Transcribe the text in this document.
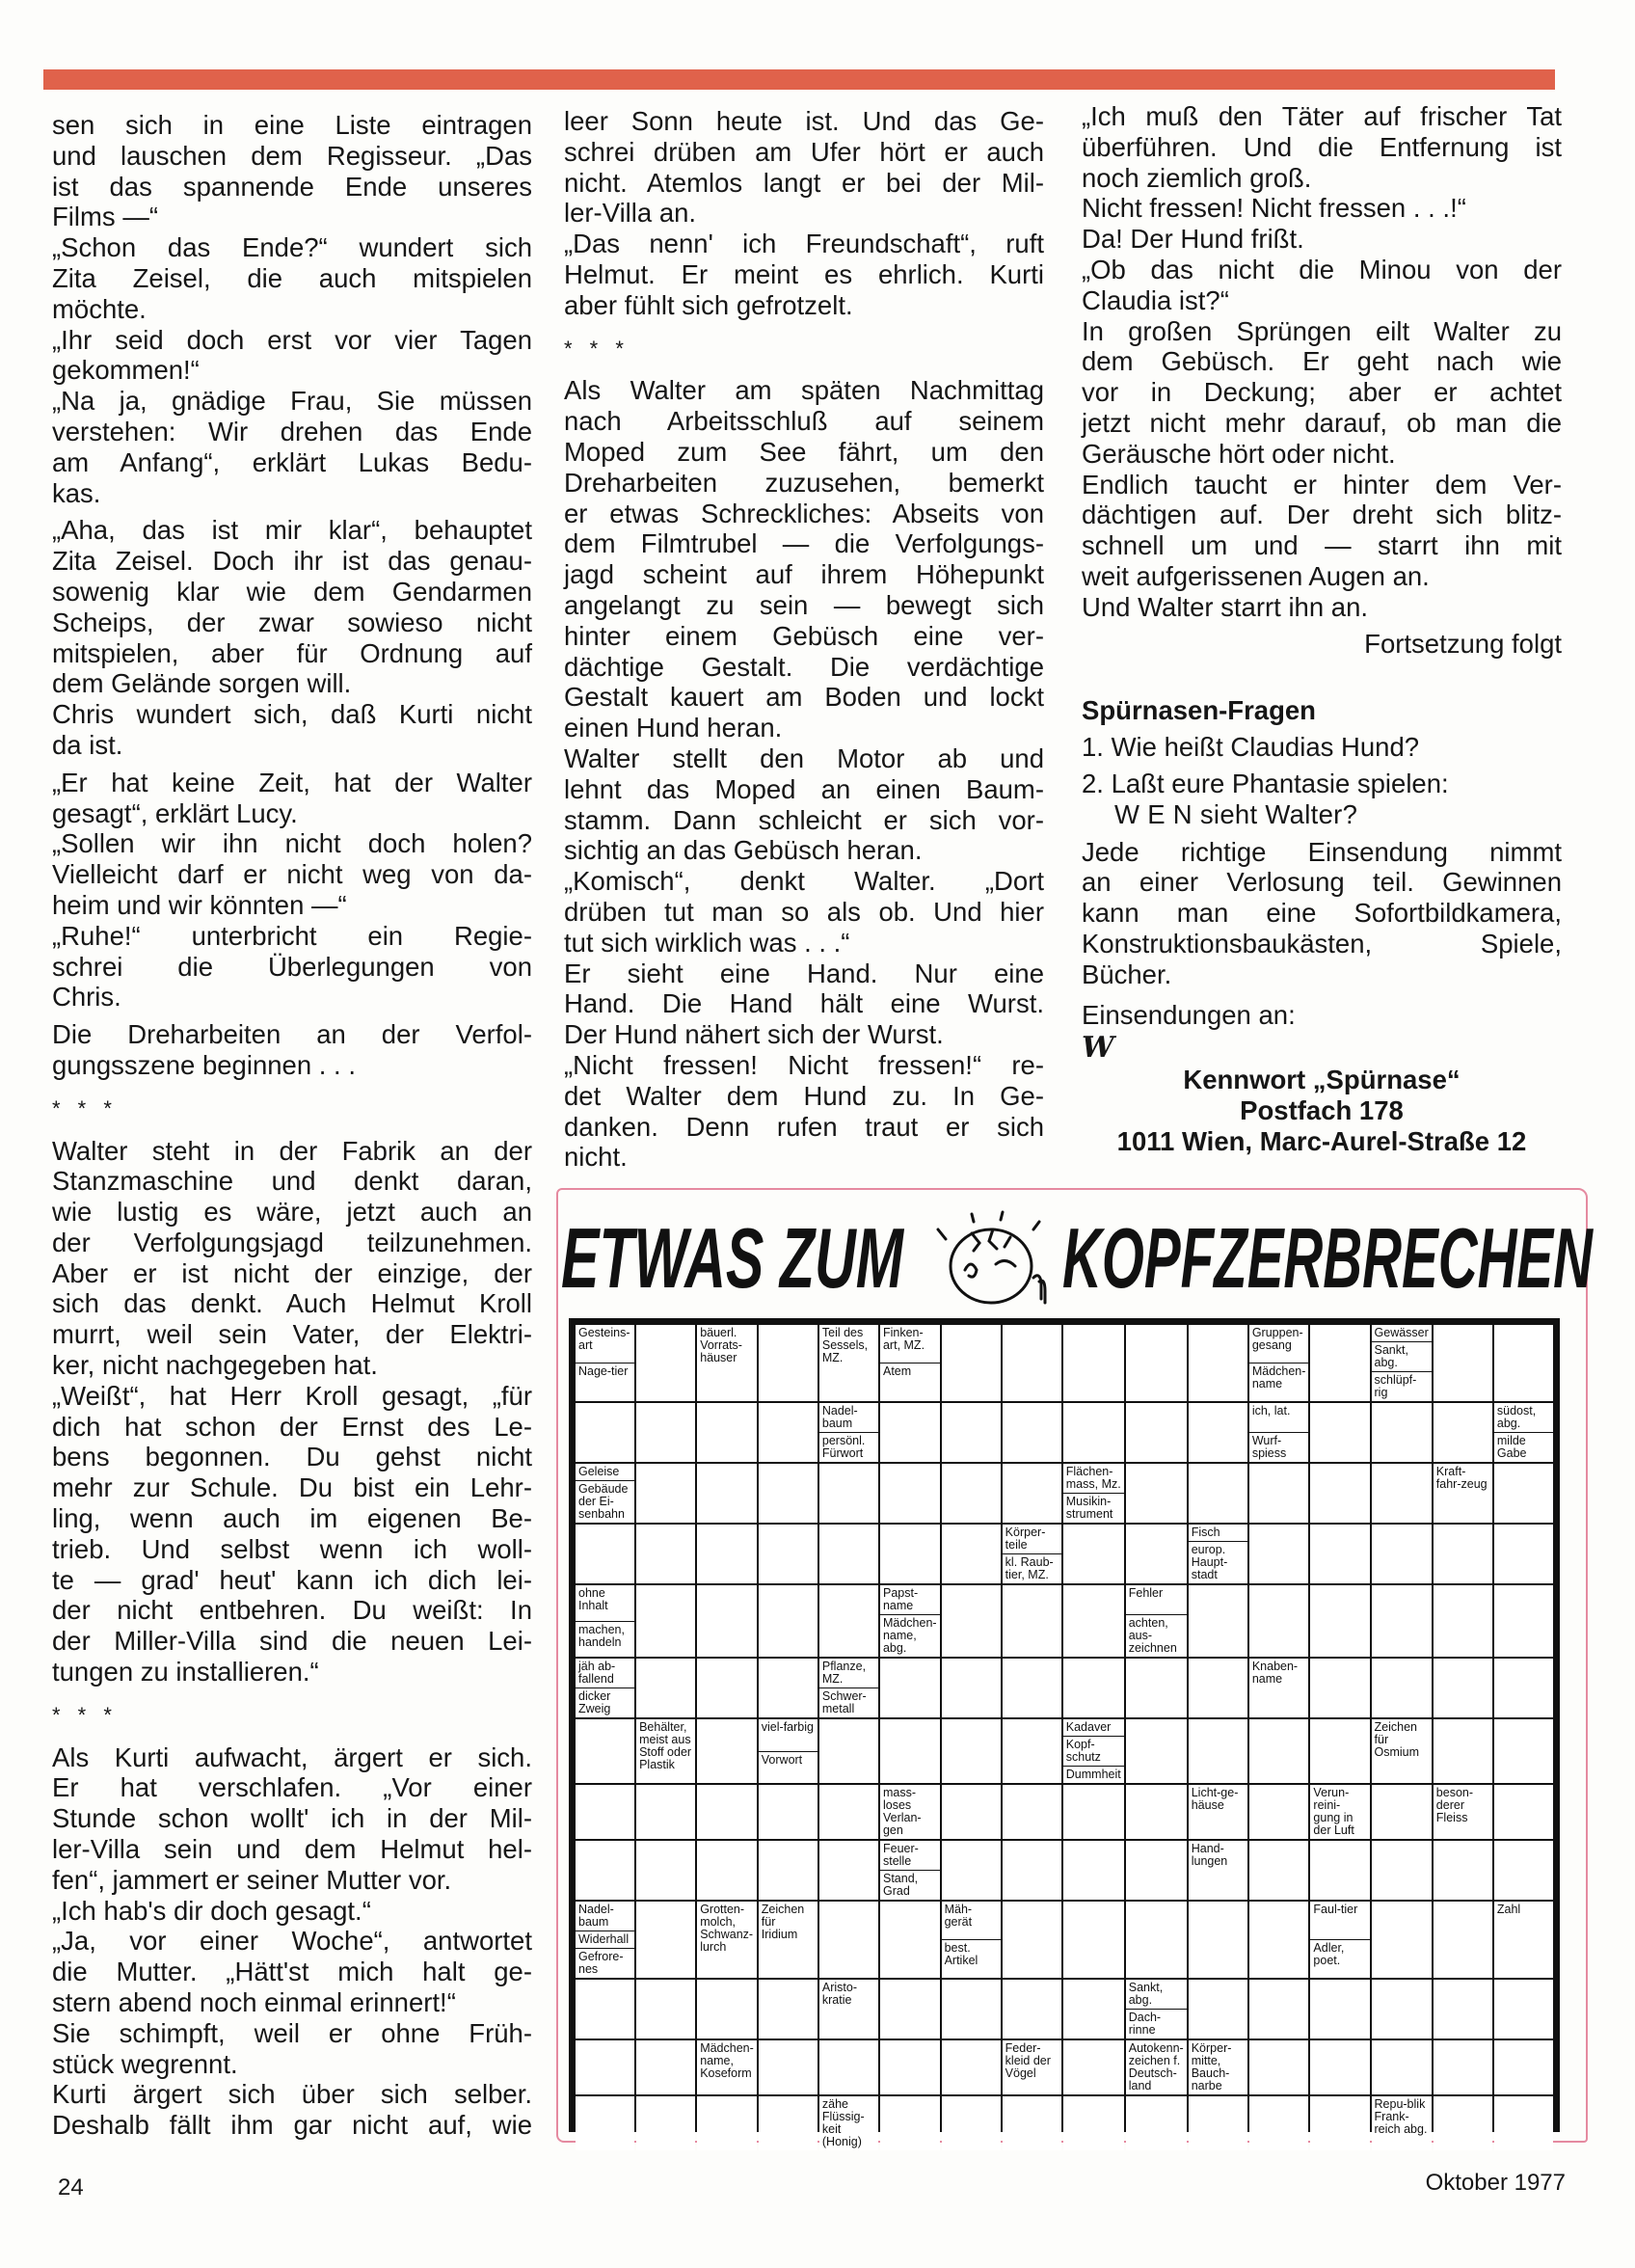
sen sich in eine Liste eintragen
und lauschen dem Regisseur. „Das
ist das spannende Ende unseres
Films —“
„Schon das Ende?“ wundert sich
Zita Zeisel, die auch mitspielen
möchte.
„Ihr seid doch erst vor vier Tagen
gekommen!“
„Na ja, gnädige Frau, Sie müssen
verstehen: Wir drehen das Ende
am Anfang“, erklärt Lukas Bedu-
kas.
„Aha, das ist mir klar“, behauptet
Zita Zeisel. Doch ihr ist das genau-
sowenig klar wie dem Gendarmen
Scheips, der zwar sowieso nicht
mitspielen, aber für Ordnung auf
dem Gelände sorgen will.
Chris wundert sich, daß Kurti nicht
da ist.
„Er hat keine Zeit, hat der Walter
gesagt“, erklärt Lucy.
„Sollen wir ihn nicht doch holen?
Vielleicht darf er nicht weg von da-
heim und wir könnten —“
„Ruhe!“ unterbricht ein Regie-
schrei die Überlegungen von
Chris.
Die Dreharbeiten an der Verfol-
gungsszene beginnen . . .
* * *
Walter steht in der Fabrik an der
Stanzmaschine und denkt daran,
wie lustig es wäre, jetzt auch an
der Verfolgungsjagd teilzunehmen.
Aber er ist nicht der einzige, der
sich das denkt. Auch Helmut Kroll
murrt, weil sein Vater, der Elektri-
ker, nicht nachgegeben hat.
„Weißt“, hat Herr Kroll gesagt, „für
dich hat schon der Ernst des Le-
bens begonnen. Du gehst nicht
mehr zur Schule. Du bist ein Lehr-
ling, wenn auch im eigenen Be-
trieb. Und selbst wenn ich woll-
te — grad' heut' kann ich dich lei-
der nicht entbehren. Du weißt: In
der Miller-Villa sind die neuen Lei-
tungen zu installieren.“
* * *
Als Kurti aufwacht, ärgert er sich.
Er hat verschlafen. „Vor einer
Stunde schon wollt' ich in der Mil-
ler-Villa sein und dem Helmut hel-
fen“, jammert er seiner Mutter vor.
„Ich hab's dir doch gesagt.“
„Ja, vor einer Woche“, antwortet
die Mutter. „Hätt'st mich halt ge-
stern abend noch einmal erinnert!“
Sie schimpft, weil er ohne Früh-
stück wegrennt.
Kurti ärgert sich über sich selber.
Deshalb fällt ihm gar nicht auf, wie
leer Sonn heute ist. Und das Ge-
schrei drüben am Ufer hört er auch
nicht. Atemlos langt er bei der Mil-
ler-Villa an.
„Das nenn' ich Freundschaft“, ruft
Helmut. Er meint es ehrlich. Kurti
aber fühlt sich gefrotzelt.
* * *
Als Walter am späten Nachmittag
nach Arbeitsschluß auf seinem
Moped zum See fährt, um den
Dreharbeiten zuzusehen, bemerkt
er etwas Schreckliches: Abseits von
dem Filmtrubel — die Verfolgungs-
jagd scheint auf ihrem Höhepunkt
angelangt zu sein — bewegt sich
hinter einem Gebüsch eine ver-
dächtige Gestalt. Die verdächtige
Gestalt kauert am Boden und lockt
einen Hund heran.
Walter stellt den Motor ab und
lehnt das Moped an einen Baum-
stamm. Dann schleicht er sich vor-
sichtig an das Gebüsch heran.
„Komisch“, denkt Walter. „Dort
drüben tut man so als ob. Und hier
tut sich wirklich was . . .“
Er sieht eine Hand. Nur eine
Hand. Die Hand hält eine Wurst.
Der Hund nähert sich der Wurst.
„Nicht fressen! Nicht fressen!“ re-
det Walter dem Hund zu. In Ge-
danken. Denn rufen traut er sich
nicht.
„Ich muß den Täter auf frischer Tat
überführen. Und die Entfernung ist
noch ziemlich groß.
Nicht fressen! Nicht fressen . . .!“
Da! Der Hund frißt.
„Ob das nicht die Minou von der
Claudia ist?“
In großen Sprüngen eilt Walter zu
dem Gebüsch. Er geht nach wie
vor in Deckung; aber er achtet
jetzt nicht mehr darauf, ob man die
Geräusche hört oder nicht.
Endlich taucht er hinter dem Ver-
dächtigen auf. Der dreht sich blitz-
schnell um und — starrt ihn mit
weit aufgerissenen Augen an.
Und Walter starrt ihn an.
Fortsetzung folgt
Spürnasen-Fragen
1. Wie heißt Claudias Hund?
2. Laßt eure Phantasie spielen:
W E N sieht Walter?
Jede richtige Einsendung nimmt
an einer Verlosung teil. Gewinnen
kann man eine Sofortbildkamera,
Konstruktionsbaukästen, Spiele,
Bücher.
Einsendungen an:
W
Kennwort „Spürnase“
Postfach 178
1011 Wien, Marc-Aurel-Straße 12
ETWAS ZUM KOPFZERBRECHEN
Gesteins-art
Nage-tier
bäuerl. Vorrats-häuser
Teil des Sessels, MZ.
Finken-art, MZ.
Atem
Gruppen-gesang
Mädchen-name
Gewässer
Sankt, abg.
schlüpf-rig
Nadel-baum
persönl. Fürwort
ich, lat.
Wurf-spiess
südost, abg.
milde Gabe
Geleise
Gebäude der Ei-senbahn
Flächen-mass, Mz.
Musikin-strument
Kraft-fahr-zeug
Körper-teile
kl. Raub-tier, MZ.
Fisch
europ. Haupt-stadt
ohne Inhalt
machen, handeln
Papst-name
Mädchen-name, abg.
Fehler
achten, aus-zeichnen
jäh ab-fallend
dicker Zweig
Pflanze, MZ.
Schwer-metall
Knaben-name
Behälter, meist aus Stoff oder Plastik
viel-farbig
Vorwort
Kadaver
Kopf-schutz
Dummheit
Zeichen für Osmium
mass-loses Verlan-gen
Licht-ge-häuse
Verun-reini-gung in der Luft
beson-derer Fleiss
Feuer-stelle
Stand, Grad
Hand-lungen
Nadel-baum
Widerhall
Gefrore-nes
Grotten-molch, Schwanz-lurch
Zeichen für Iridium
Mäh-gerät
best. Artikel
Faul-tier
Adler, poet.
Zahl
Aristo-kratie
Sankt, abg.
Dach-rinne
Mädchen-name, Koseform
Feder-kleid der Vögel
Autokenn-zeichen f. Deutsch-land
Körper-mitte, Bauch-narbe
zähe Flüssig-keit (Honig)
Repu-blik Frank-reich abg.
24	Oktober 1977
